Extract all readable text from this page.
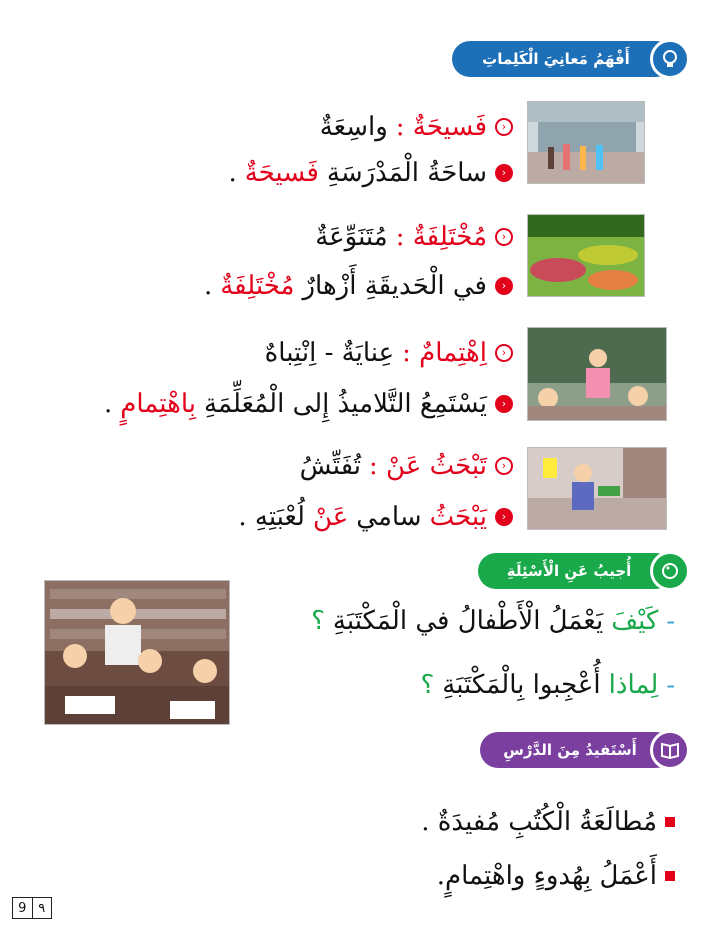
أَفْهَمُ مَعانِيَ الْكَلِماتِ
‹
فَسيحَةٌ :
واسِعَةٌ
‹
ساحَةُ الْمَدْرَسَةِ
فَسيحَةٌ
.
‹
مُخْتَلِفَةٌ :
مُتَنَوِّعَةٌ
‹
في الْحَديقَةِ أَزْهارٌ
مُخْتَلِفَةٌ
.
‹
اِهْتِمامٌ :
عِنايَةٌ - اِنْتِباهٌ
‹
يَسْتَمِعُ التَّلاميذُ إِلى الْمُعَلِّمَةِ
بِاهْتِمامٍ
.
‹
تَبْحَثُ عَنْ :
تُفَتِّشُ
‹
يَبْحَثُ
سامي
عَنْ
لُعْبَتِهِ .
أُجيبُ عَنِ الْأَسْئِلَةِ
-
كَيْفَ
يَعْمَلُ الْأَطْفالُ في الْمَكْتَبَةِ
؟
-
لِماذا
أُعْجِبوا بِالْمَكْتَبَةِ
؟
أَسْتَفيدُ مِنَ الدَّرْسِ
مُطالَعَةُ الْكُتُبِ مُفيدَةٌ .
أَعْمَلُ بِهُدوءٍ واهْتِمامٍ.
9 ٩
